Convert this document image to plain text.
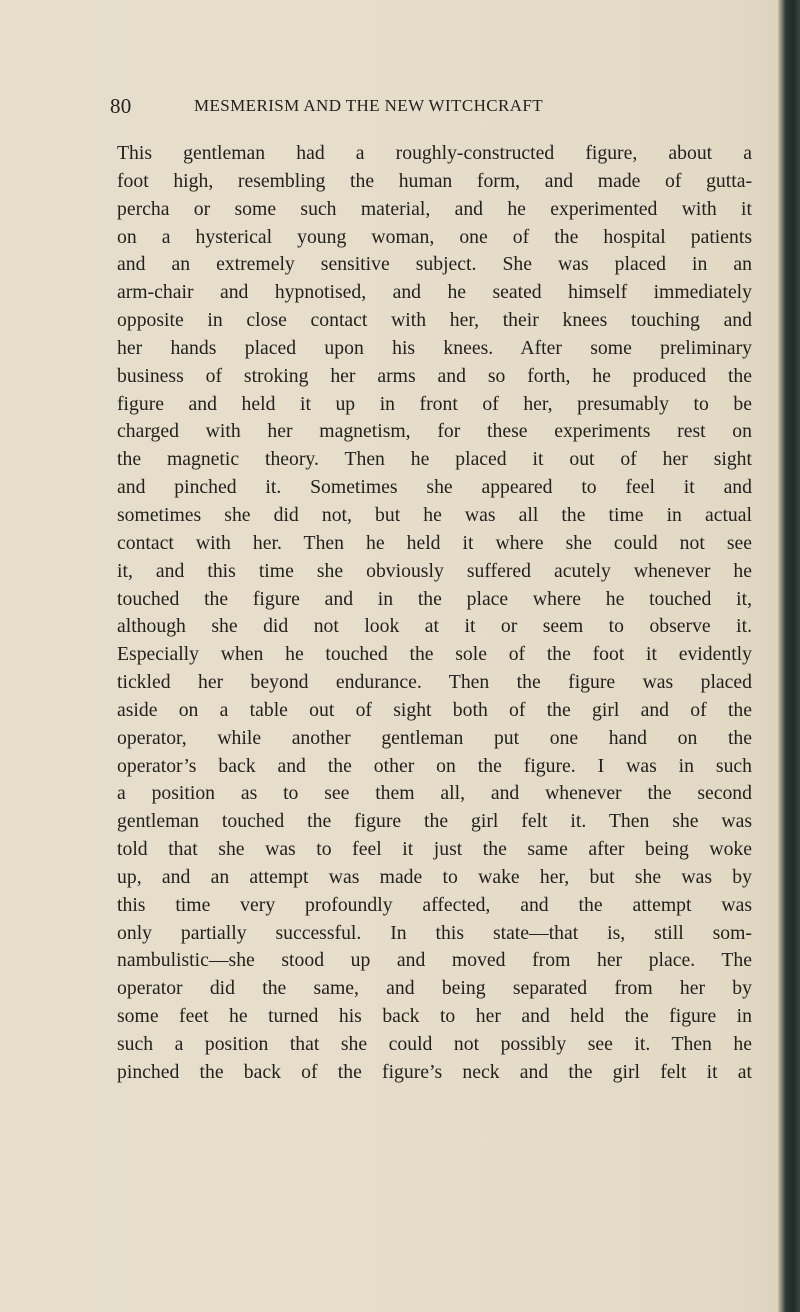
80	MESMERISM AND THE NEW WITCHCRAFT
This gentleman had a roughly-constructed figure, about a
foot high, resembling the human form, and made of gutta-
percha or some such material, and he experimented with it
on a hysterical young woman, one of the hospital patients
and an extremely sensitive subject. She was placed in an
arm-chair and hypnotised, and he seated himself immediately
opposite in close contact with her, their knees touching and
her hands placed upon his knees. After some preliminary
business of stroking her arms and so forth, he produced the
figure and held it up in front of her, presumably to be
charged with her magnetism, for these experiments rest on
the magnetic theory. Then he placed it out of her sight
and pinched it. Sometimes she appeared to feel it and
sometimes she did not, but he was all the time in actual
contact with her. Then he held it where she could not see
it, and this time she obviously suffered acutely whenever he
touched the figure and in the place where he touched it,
although she did not look at it or seem to observe it.
Especially when he touched the sole of the foot it evidently
tickled her beyond endurance. Then the figure was placed
aside on a table out of sight both of the girl and of the
operator, while another gentleman put one hand on the
operator’s back and the other on the figure. I was in such
a position as to see them all, and whenever the second
gentleman touched the figure the girl felt it. Then she was
told that she was to feel it just the same after being woke
up, and an attempt was made to wake her, but she was by
this time very profoundly affected, and the attempt was
only partially successful. In this state—that is, still som-
nambulistic—she stood up and moved from her place. The
operator did the same, and being separated from her by
some feet he turned his back to her and held the figure in
such a position that she could not possibly see it. Then he
pinched the back of the figure’s neck and the girl felt it at
